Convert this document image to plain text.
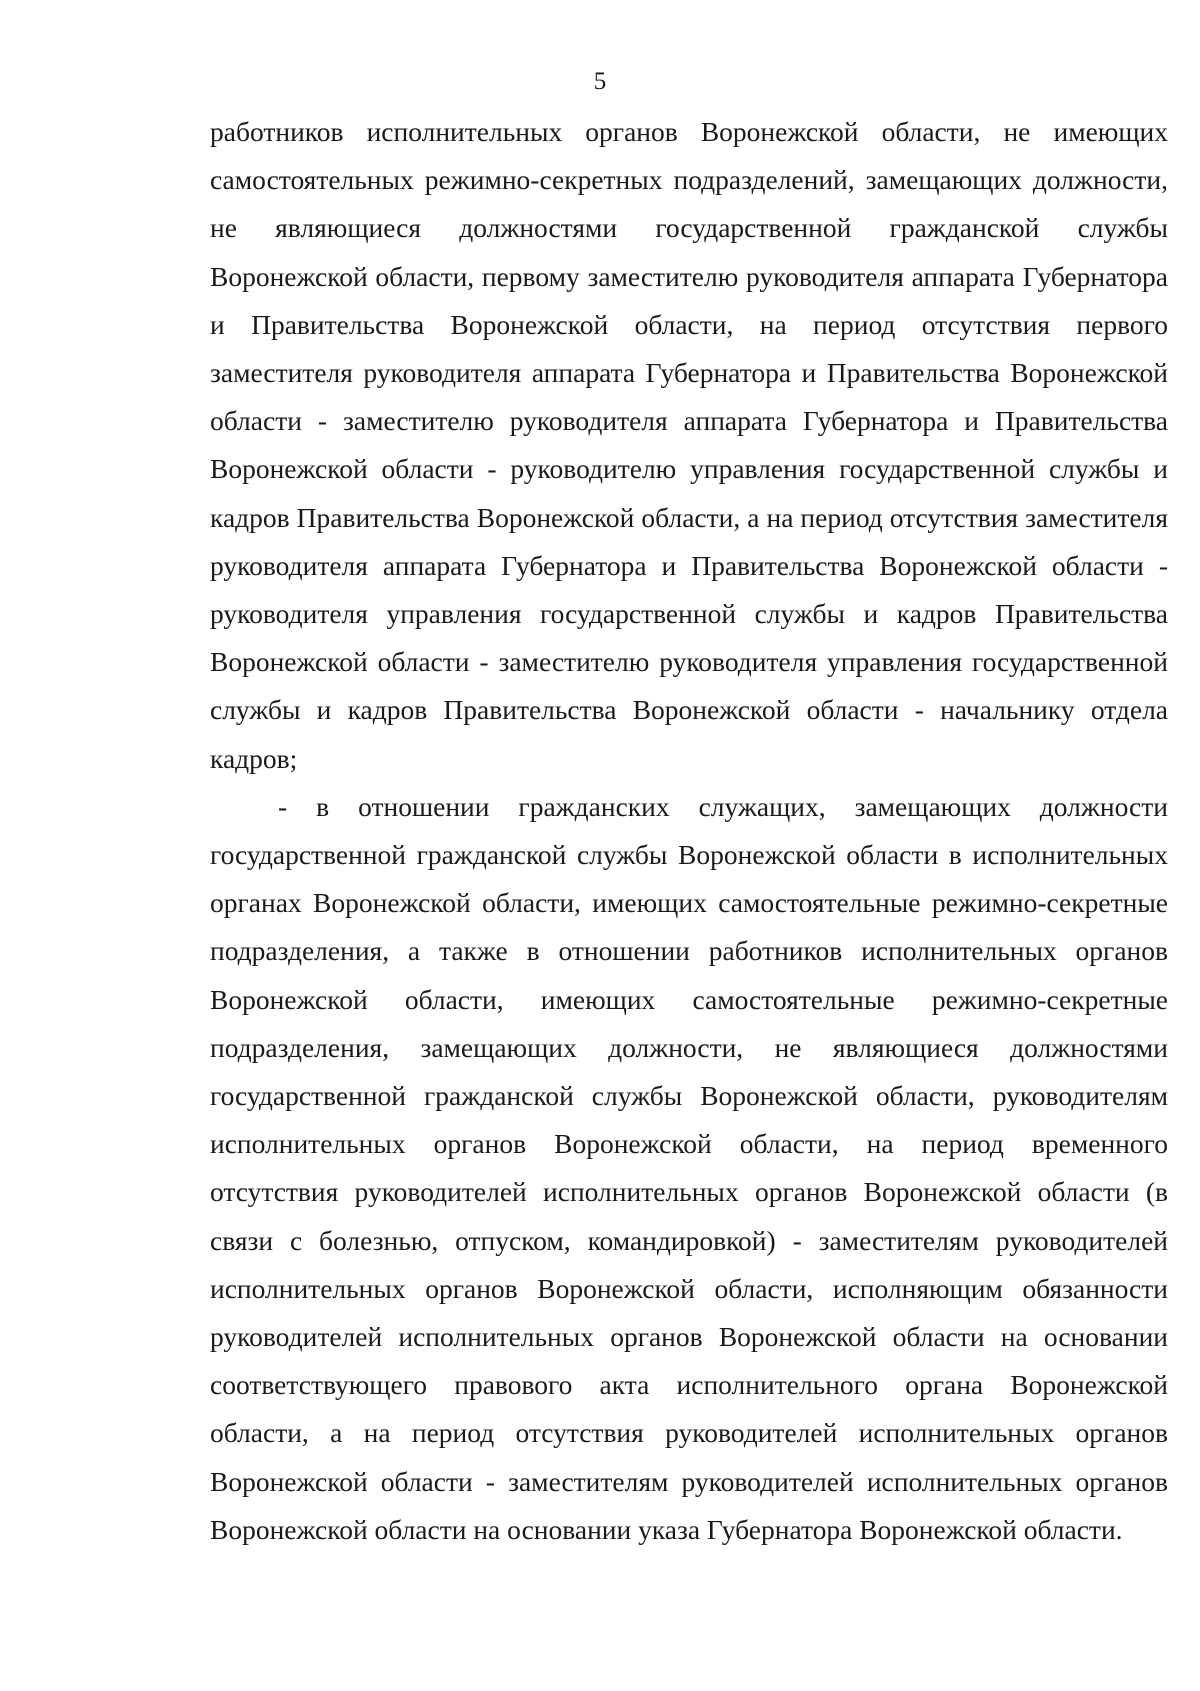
5

работников исполнительных органов Воронежской области, не имеющих самостоятельных режимно-секретных подразделений, замещающих должности, не являющиеся должностями государственной гражданской службы Воронежской области, первому заместителю руководителя аппарата Губернатора и Правительства Воронежской области, на период отсутствия первого заместителя руководителя аппарата Губернатора и Правительства Воронежской области - заместителю руководителя аппарата Губернатора и Правительства Воронежской области - руководителю управления государственной службы и кадров Правительства Воронежской области, а на период отсутствия заместителя руководителя аппарата Губернатора и Правительства Воронежской области - руководителя управления государственной службы и кадров Правительства Воронежской области - заместителю руководителя управления государственной службы и кадров Правительства Воронежской области - начальнику отдела кадров;

- в отношении гражданских служащих, замещающих должности государственной гражданской службы Воронежской области в исполнительных органах Воронежской области, имеющих самостоятельные режимно-секретные подразделения, а также в отношении работников исполнительных органов Воронежской области, имеющих самостоятельные режимно-секретные подразделения, замещающих должности, не являющиеся должностями государственной гражданской службы Воронежской области, руководителям исполнительных органов Воронежской области, на период временного отсутствия руководителей исполнительных органов Воронежской области (в связи с болезнью, отпуском, командировкой) - заместителям руководителей исполнительных органов Воронежской области, исполняющим обязанности руководителей исполнительных органов Воронежской области на основании соответствующего правового акта исполнительного органа Воронежской области, а на период отсутствия руководителей исполнительных органов Воронежской области - заместителям руководителей исполнительных органов Воронежской области на основании указа Губернатора Воронежской области.
